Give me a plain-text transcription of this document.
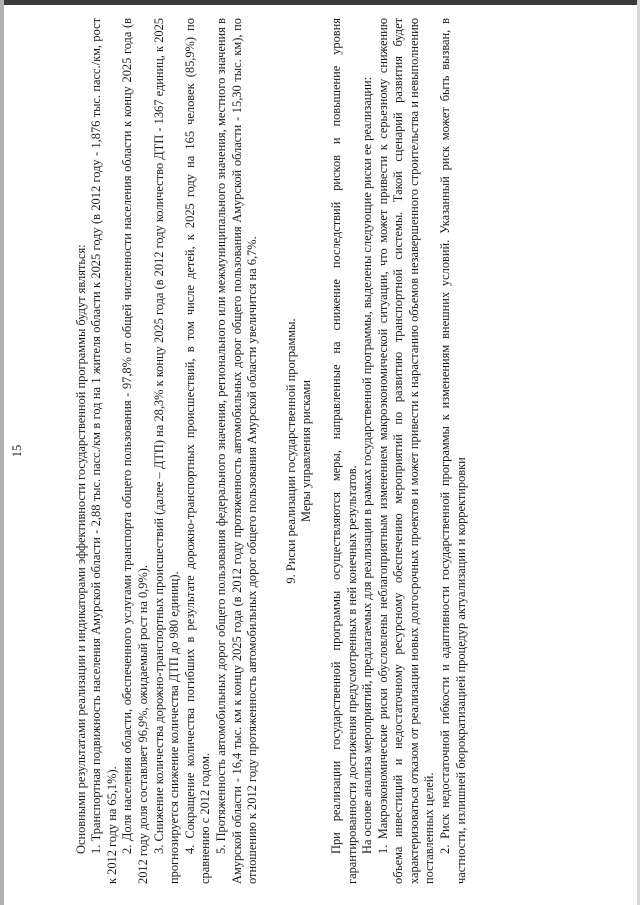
15	Основными результатами реализации и индикаторами эффективности государственной программы будут являться: 1. Транспортная подвижность населения Амурской области - 2,88 тыс. пасс./км в год на 1 жителя области к 2025 году (в 2012 году - 1,876 тыс. пасс./км, рост к 2012 году на 65,1%). 2. Доля населения области, обеспеченного услугами транспорта общего пользования - 97,8% от общей численности населения области к концу 2025 года (в 2012 году доля составляет 96,9%, ожидаемый рост на 0,9%). 3. Снижение количества дорожно-транспортных происшествий (далее – ДТП) на 28,3% к концу 2025 года (в 2012 году количество ДТП - 1367 единиц, к 2025 прогнозируется снижение количества ДТП до 980 единиц). 4. Сокращение количества погибших в результате дорожно-транспортных происшествий, в том числе детей, к 2025 году на 165 человек (85,9%) по сравнению с 2012 годом. 5. Протяженность автомобильных дорог общего пользования федерального значения, регионального или межмуниципального значения, местного значения в Амурской области - 16,4 тыс. км к концу 2025 года (в 2012 году протяженность автомобильных дорог общего пользования Амурской области - 15,30 тыс. км), по отношению к 2012 году протяженность автомобильных дорог общего пользования Амурской области увеличится на 6,7%. 9. Риски реализации государственной программы. Меры управления рисками При реализации государственной программы осуществляются меры, направленные на снижение последствий рисков и повышение уровня гарантированности достижения предусмотренных в ней конечных результатов. На основе анализа мероприятий, предлагаемых для реализации в рамках государственной программы, выделены следующие риски ее реализации: 1. Макроэкономические риски обусловлены неблагоприятным изменением макроэкономической ситуации, что может привести к серьезному снижению объема инвестиций и недостаточному ресурсному обеспечению мероприятий по развитию транспортной системы. Такой сценарий развития будет характеризоваться отказом от реализации новых долгосрочных проектов и может привести к нарастанию объемов незавершенного строительства и невыполнению поставленных целей. 2. Риск недостаточной гибкости и адаптивности государственной программы к изменениям внешних условий. Указанный риск может быть вызван, в частности, излишней бюрократизацией процедур актуализации и корректировки
